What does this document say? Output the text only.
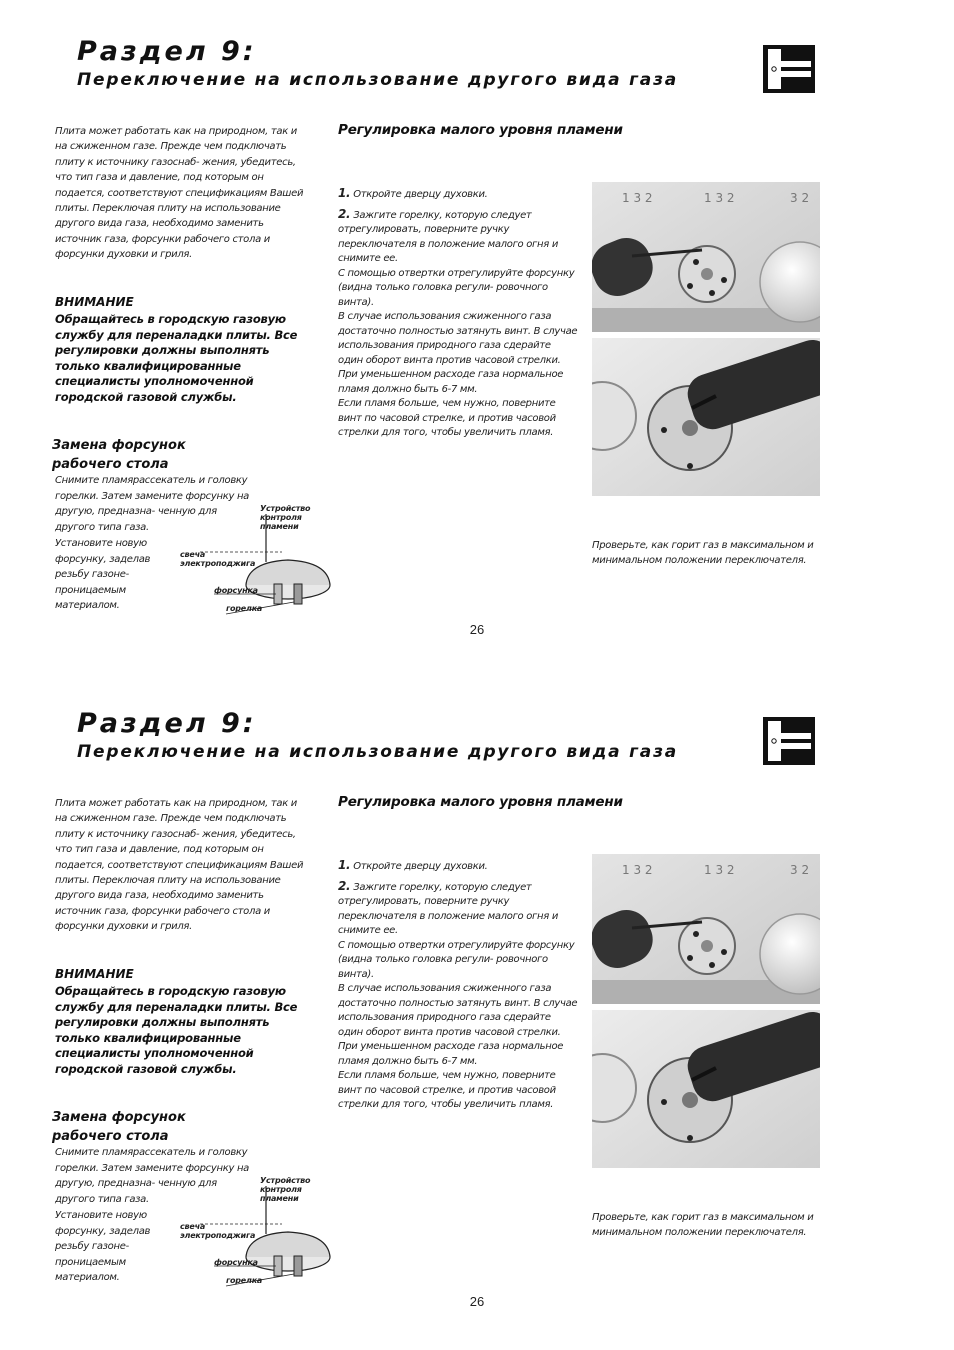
Раздел 9:
Переключение на использование другого вида газа
Плита может работать как на природном, так и на сжиженном газе. Прежде чем подключать плиту к источнику газоснаб- жения, убедитесь, что тип газа и давление, под которым он подается, соответствуют спецификациям Вашей плиты. Переключая плиту на использование другого вида газа, необходимо заменить источник газа, форсунки рабочего стола и форсунки духовки и гриля.
ВНИМАНИЕ
Обращайтесь в городскую газовую службу для переналадки плиты. Все регулировки должны выполнять только квалифицированные специалисты уполномоченной городской газовой службы.
Замена форсунок рабочего стола
Снимите пламярассекатель и головку горелки. Затем замените форсунку на другую, предназна- ченную для другого типа газа.
Установите новую форсунку, заделав резьбу газоне- проницаемым материалом.
Устройство контроля пламени
свеча электроподжига
форсунка
горелка
Регулировка малого уровня пламени
1. Откройте дверцу духовки.
2. Зажгите горелку, которую следует отрегулировать, поверните ручку переключателя в положение малого огня и снимите ее.
С помощью отвертки отрегулируйте форсунку (видна только головка регули- ровочного винта).
В случае использования сжиженного газа достаточно полностью затянуть винт. В случае использования природного газа сдерайте один оборот винта против часовой стрелки. При уменьшенном расходе газа нормальное пламя должно быть 6-7 мм.
Если пламя больше, чем нужно, поверните винт по часовой стрелке, и против часовой стрелки для того, чтобы увеличить пламя.
1 3 2	1 3 2	3 2
Проверьте, как горит газ в максимальном и минимальном положении переключателя.
26
Раздел 9:
Переключение на использование другого вида газа
Плита может работать как на природном, так и на сжиженном газе. Прежде чем подключать плиту к источнику газоснаб- жения, убедитесь, что тип газа и давление, под которым он подается, соответствуют спецификациям Вашей плиты. Переключая плиту на использование другого вида газа, необходимо заменить источник газа, форсунки рабочего стола и форсунки духовки и гриля.
ВНИМАНИЕ
Обращайтесь в городскую газовую службу для переналадки плиты. Все регулировки должны выполнять только квалифицированные специалисты уполномоченной городской газовой службы.
Замена форсунок рабочего стола
Снимите пламярассекатель и головку горелки. Затем замените форсунку на другую, предназна- ченную для другого типа газа.
Установите новую форсунку, заделав резьбу газоне- проницаемым материалом.
Устройство контроля пламени
свеча электроподжига
форсунка
горелка
Регулировка малого уровня пламени
1. Откройте дверцу духовки.
2. Зажгите горелку, которую следует отрегулировать, поверните ручку переключателя в положение малого огня и снимите ее.
С помощью отвертки отрегулируйте форсунку (видна только головка регули- ровочного винта).
В случае использования сжиженного газа достаточно полностью затянуть винт. В случае использования природного газа сдерайте один оборот винта против часовой стрелки. При уменьшенном расходе газа нормальное пламя должно быть 6-7 мм.
Если пламя больше, чем нужно, поверните винт по часовой стрелке, и против часовой стрелки для того, чтобы увеличить пламя.
1 3 2	1 3 2	3 2
Проверьте, как горит газ в максимальном и минимальном положении переключателя.
26
